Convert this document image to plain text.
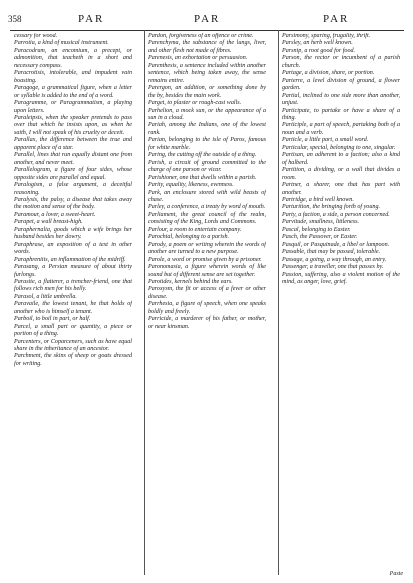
358	PAR	PAR	PAR

cessary for wood.

Parrotia, a kind of musical instrument.

Paracodrum, an encomium, a precept, or admonition, that teacheth in a short and necessary compass.

Paracrotisis, intolerable, and impudent vain boasting.

Paragoge, a grammatical figure, when a letter or syllable is added to the end of a word.

Paragramme, or Paragrammatism, a playing upon letters.

Paraleipsis, when the speaker pretends to pass over that which he insists upon, as when he saith, I will not speak of his cruelty or deceit.

Parallax, the difference between the true and apparent place of a star.

Parallel, lines that run equally distant one from another, and never meet.

Parallelogram, a figure of four sides, whose opposite sides are parallel and equal.

Paralogism, a false argument, a deceitful reasoning.

Paralysis, the palsy, a disease that takes away the motion and sense of the body.

Paramour, a lover, a sweet-heart.

Parapet, a wall breast-high.

Paraphernalia, goods which a wife brings her husband besides her dowry.

Paraphrase, an exposition of a text in other words.

Paraphrenitis, an inflammation of the midriff.

Parasang, a Persian measure of about thirty furlongs.

Parasite, a flatterer, a trencher-friend, one that follows rich men for his belly.

Parasol, a little umbrella.

Paravaile, the lowest tenant, he that holds of another who is himself a tenant.

Parboil, to boil in part, or half.

Parcel, a small part or quantity, a piece or portion of a thing.

Parcenters, or Coparceners, such as have equal share in the inheritance of an ancestor.

Parchment, the skins of sheep or goats dressed for writing.

Pardon, forgiveness of an offence or crime.

Parenchyma, the substance of the lungs, liver, and other flesh not made of fibres.

Parenesis, an exhortation or persuasion.

Parenthesis, a sentence included within another sentence, which being taken away, the sense remains entire.

Parergon, an addition, or something done by the by, besides the main work.

Parget, to plaster or rough-cast walls.

Parhelion, a mock sun, or the appearance of a sun in a cloud.

Pariah, among the Indians, one of the lowest rank.

Parian, belonging to the isle of Paros, famous for white marble.

Paring, the cutting off the outside of a thing.

Parish, a circuit of ground committed to the charge of one parson or vicar.

Parishioner, one that dwells within a parish.

Parity, equality, likeness, evenness.

Park, an enclosure stored with wild beasts of chase.

Parley, a conference, a treaty by word of mouth.

Parliament, the great council of the realm, consisting of the King, Lords and Commons.

Parlour, a room to entertain company.

Parochial, belonging to a parish.

Parody, a poem or writing wherein the words of another are turned to a new purpose.

Parole, a word or promise given by a prisoner.

Paronomasia, a figure wherein words of like sound but of different sense are set together.

Parotides, kernels behind the ears.

Paroxysm, the fit or access of a fever or other disease.

Parrhesia, a figure of speech, when one speaks boldly and freely.

Parricide, a murderer of his father, or mother, or near kinsman.

Parsimony, sparing, frugality, thrift.

Parsley, an herb well known.

Parsnip, a root good for food.

Parson, the rector or incumbent of a parish church.

Partage, a division, share, or portion.

Parterre, a level division of ground, a flower garden.

Partial, inclined to one side more than another, unjust.

Participate, to partake or have a share of a thing.

Participle, a part of speech, partaking both of a noun and a verb.

Particle, a little part, a small word.

Particular, special, belonging to one, singular.

Partisan, an adherent to a faction; also a kind of halberd.

Partition, a dividing, or a wall that divides a room.

Partner, a sharer, one that has part with another.

Partridge, a bird well known.

Parturition, the bringing forth of young.

Party, a faction, a side, a person concerned.

Parvitude, smallness, littleness.

Pascal, belonging to Easter.

Pasch, the Passover, or Easter.

Pasquil, or Pasquinade, a libel or lampoon.

Passable, that may be passed, tolerable.

Passage, a going, a way through, an entry.

Passenger, a traveller, one that passes by.

Passion, suffering, also a violent motion of the mind, as anger, love, grief.

Paste
